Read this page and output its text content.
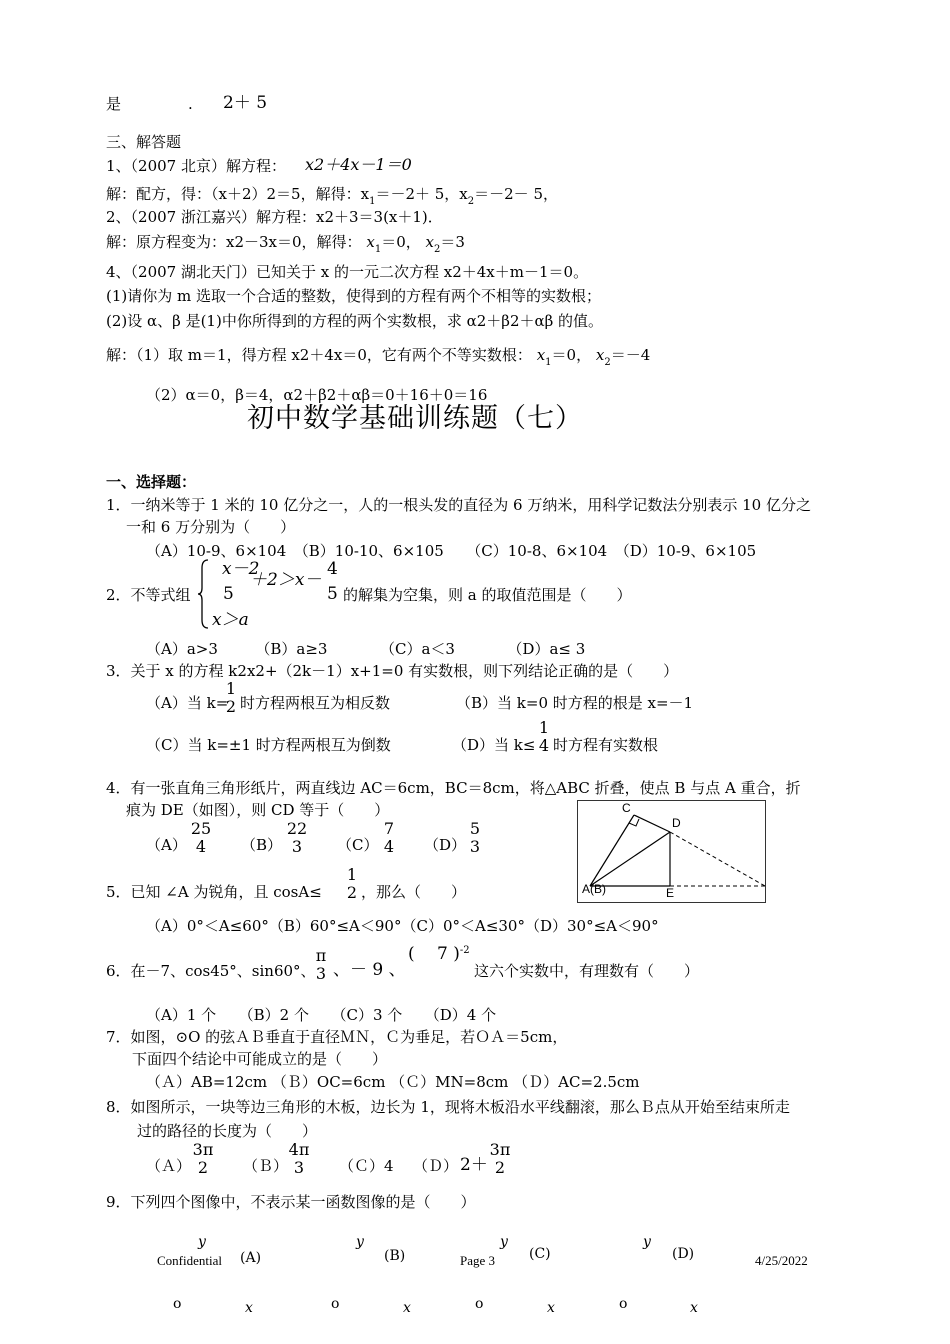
是	. 2＋ 5
三、解答题
1、（2007 北京）解方程： x2＋4x－1＝0
解：配方，得：（x＋2）2＝5，解得：$x_1=-2+ 5$，$x_2=-2- 5$，
2、（2007 浙江嘉兴）解方程：x2＋3＝3(x＋1)．
解：原方程变为：x2－3x＝0，解得： $x_1=0$， $x_2=3$
4、（2007 湖北天门）已知关于 x 的一元二次方程 x2＋4x＋m－1＝0。
(1)请你为 m 选取一个合适的整数，使得到的方程有两个不相等的实数根；
(2)设 α、β 是(1)中你所得到的方程的两个实数根，求 α2＋β2＋αβ 的值。
解：（1）取 m＝1，得方程 x2＋4x＝0，它有两个不等实数根： $x_1=0$， $x_2=-4$
（2）α＝0，β＝4，α2＋β2＋αβ＝0＋16＋0＝16
初中数学基础训练题（七）
一、选择题：
1．一纳米等于 1 米的 10 亿分之一，人的一根头发的直径为 6 万纳米，用科学记数法分别表示 10 亿分之
一和 6 万分别为（　　）
（A）10-9、6×104　（B）10-10、6×105　　（C）10-8、6×104　（D）10-9、6×105
2．不等式组
x－2
＋2＞x－
4
5	5 的解集为空集，则 a 的取值范围是（　　）
x＞a
（A）a>3　　　（B）a≥3　　　　（C）a＜3　　　　（D）a≤ 3
3．关于 x 的方程 k2x2+（2k－1）x+1=0 有实数根，则下列结论正确的是（　　）
（A）当 k=
1
2 时方程两根互为相反数	（B）当 k=0 时方程的根是 x=－1
（C）当 k=±1 时方程两根互为倒数	（D）当 k≤
1
4 时方程有实数根
4．有一张直角三角形纸片，两直线边 AC＝6cm，BC＝8cm，将△ABC 折叠，使点 B 与点 A 重合，折
痕为 DE（如图），则 CD 等于（　　）
（A）
25
4	（B）
22
3	（C）
7
4 （D）
5
3
C
D
A(B)	E
5．已知 ∠A 为锐角，且 cosA≤
1
2 ，那么（　　）
（A）0°＜A≤60°（B）60°≤A＜90°（C）0°＜A≤30°（D）30°≤A＜90°
6．在－7、cos45°、sin60°、
π
3 、－ 9 、
(　 7 )$^{-2}$
这六个实数中，有理数有（　　）
（A）1 个　　（B）2 个　　（C）3 个　　（D）4 个
7．如图，⊙O 的弦ＡＢ垂直于直径ＭＮ，Ｃ为垂足，若ＯＡ＝5cm，
下面四个结论中可能成立的是（　　）
（Ａ）AB=12cm （Ｂ）OC=6cm （Ｃ）MN=8cm （Ｄ）AC=2.5cm
8．如图所示，一块等边三角形的木板，边长为 1，现将木板沿水平线翻滚，那么Ｂ点从开始至结束所走
过的路径的长度为（　　）
（Ａ）
3π
2	（Ｂ）
4π
3	（Ｃ）4 （Ｄ） 2＋
3π
2
9．下列四个图像中，不表示某一函数图像的是（　　）
y
(A)
o	x
y
(B)
o	x
y
(C)
o	x
y
(D)
o	x
Confidential	Page 3	4/25/2022
